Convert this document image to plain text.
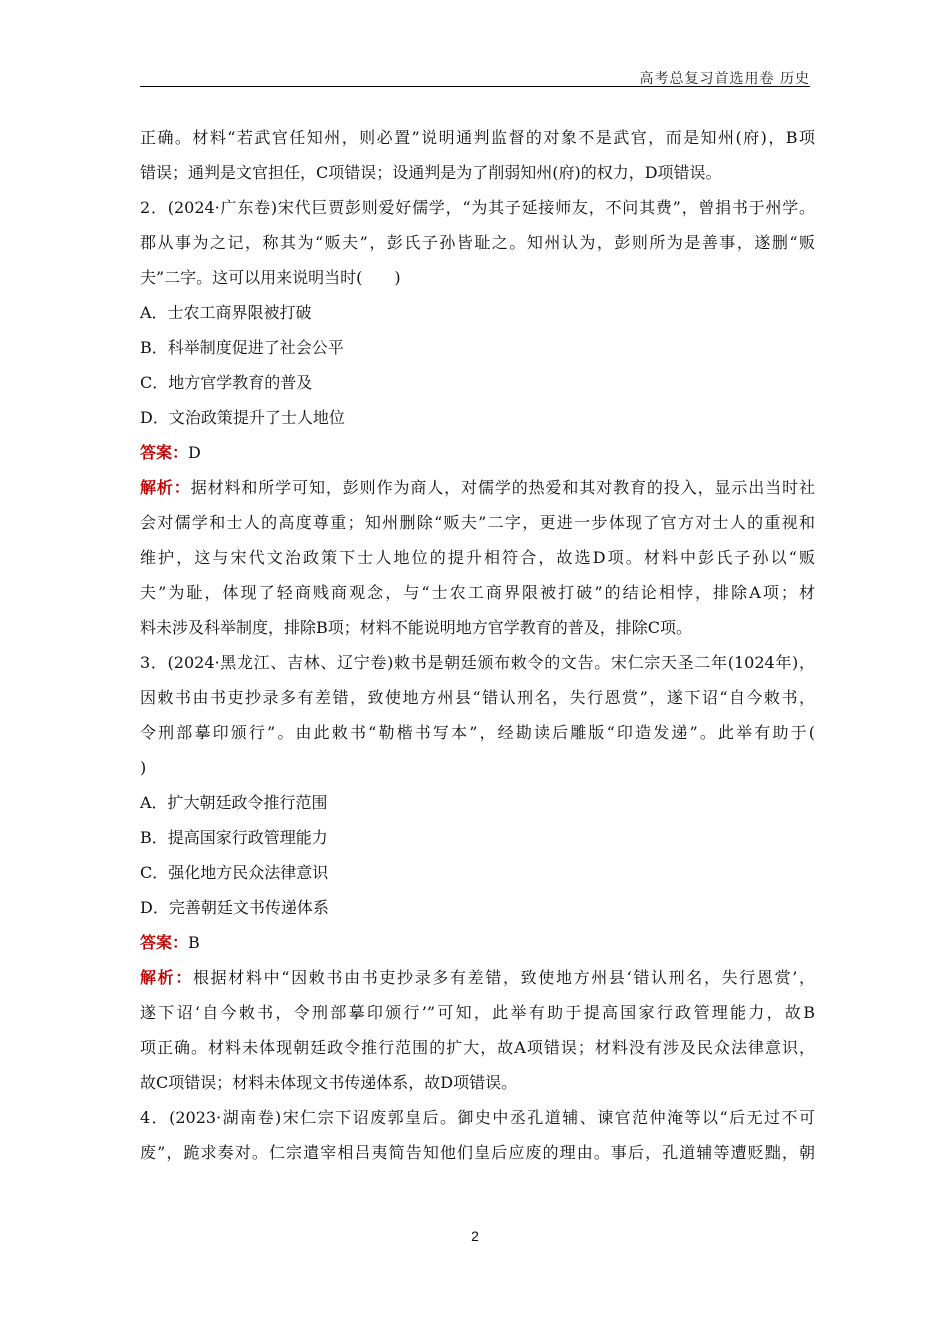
高考总复习首选用卷 历史
正确。材料“若武官任知州，则必置”说明通判监督的对象不是武官，而是知州(府)，B项
错误；通判是文官担任，C项错误；设通判是为了削弱知州(府)的权力，D项错误。
2．(2024·广东卷)宋代巨贾彭则爱好儒学，“为其子延接师友，不问其费”，曾捐书于州学。
郡从事为之记，称其为“贩夫”，彭氏子孙皆耻之。知州认为，彭则所为是善事，遂删“贩
夫”二字。这可以用来说明当时(　　)
A．士农工商界限被打破
B．科举制度促进了社会公平
C．地方官学教育的普及
D．文治政策提升了士人地位
答案：D
解析：据材料和所学可知，彭则作为商人，对儒学的热爱和其对教育的投入，显示出当时社
会对儒学和士人的高度尊重；知州删除“贩夫”二字，更进一步体现了官方对士人的重视和
维护，这与宋代文治政策下士人地位的提升相符合，故选D项。材料中彭氏子孙以“贩
夫”为耻，体现了轻商贱商观念，与“士农工商界限被打破”的结论相悖，排除A项；材
料未涉及科举制度，排除B项；材料不能说明地方官学教育的普及，排除C项。
3．(2024·黑龙江、吉林、辽宁卷)敕书是朝廷颁布敕令的文告。宋仁宗天圣二年(1024年)，
因敕书由书吏抄录多有差错，致使地方州县“错认刑名，失行恩赏”，遂下诏“自今敕书，
令刑部摹印颁行”。由此敕书“勒楷书写本”，经勘读后雕版“印造发递”。此举有助于(
)
A．扩大朝廷政令推行范围
B．提高国家行政管理能力
C．强化地方民众法律意识
D．完善朝廷文书传递体系
答案：B
解析：根据材料中“因敕书由书吏抄录多有差错，致使地方州县‘错认刑名，失行恩赏’，
遂下诏‘自今敕书，令刑部摹印颁行’”可知，此举有助于提高国家行政管理能力，故B
项正确。材料未体现朝廷政令推行范围的扩大，故A项错误；材料没有涉及民众法律意识，
故C项错误；材料未体现文书传递体系，故D项错误。
4．(2023·湖南卷)宋仁宗下诏废郭皇后。御史中丞孔道辅、谏官范仲淹等以“后无过不可
废”，跪求奏对。仁宗遣宰相吕夷简告知他们皇后应废的理由。事后，孔道辅等遭贬黜，朝
2
